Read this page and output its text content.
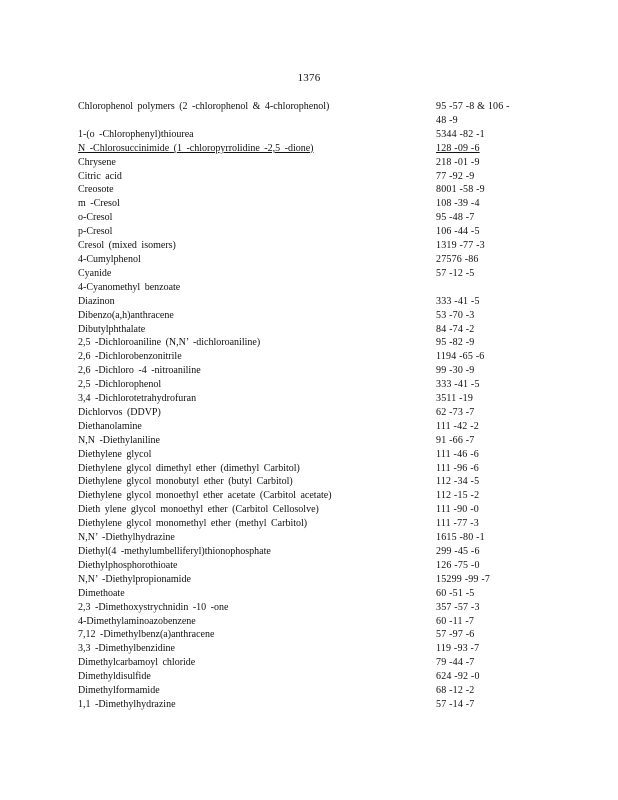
1376
Chlorophenol polymers (2 -chlorophenol & 4-chlorophenol)	95 -57 -8 & 106 -
48 -9
1-(o -Chlorophenyl)thiourea	5344 -82 -1
N -Chlorosuccinimide (1 -chloropyrrolidine -2,5 -dione)	128 -09 -6
Chrysene	218 -01 -9
Citric acid	77 -92 -9
Creosote	8001 -58 -9
m -Cresol	108 -39 -4
o-Cresol	95 -48 -7
p-Cresol	106 -44 -5
Cresol (mixed isomers)	1319 -77 -3
4-Cumylphenol	27576 -86
Cyanide	57 -12 -5
4-Cyanomethyl benzoate
Diazinon	333 -41 -5
Dibenzo(a,h)anthracene	53 -70 -3
Dibutylphthalate	84 -74 -2
2,5 -Dichloroaniline (N,N’ -dichloroaniline)	95 -82 -9
2,6 -Dichlorobenzonitrile	1194 -65 -6
2,6 -Dichloro -4 -nitroaniline	99 -30 -9
2,5 -Dichlorophenol	333 -41 -5
3,4 -Dichlorotetrahydrofuran	3511 -19
Dichlorvos (DDVP)	62 -73 -7
Diethanolamine	111 -42 -2
N,N -Diethylaniline	91 -66 -7
Diethylene glycol	111 -46 -6
Diethylene glycol dimethyl ether (dimethyl Carbitol)	111 -96 -6
Diethylene glycol monobutyl ether (butyl Carbitol)	112 -34 -5
Diethylene glycol monoethyl ether acetate (Carbitol acetate)	112 -15 -2
Dieth ylene glycol monoethyl ether (Carbitol Cellosolve)	111 -90 -0
Diethylene glycol monomethyl ether (methyl Carbitol)	111 -77 -3
N,N’ -Diethylhydrazine	1615 -80 -1
Diethyl(4 -methylumbelliferyl)thionophosphate	299 -45 -6
Diethylphosphorothioate	126 -75 -0
N,N’ -Diethylpropionamide	15299 -99 -7
Dimethoate	60 -51 -5
2,3 -Dimethoxystrychnidin -10 -one	357 -57 -3
4-Dimethylaminoazobenzene	60 -11 -7
7,12 -Dimethylbenz(a)anthracene	57 -97 -6
3,3 -Dimethylbenzidine	119 -93 -7
Dimethylcarbamoyl chloride	79 -44 -7
Dimethyldisulfide	624 -92 -0
Dimethylformamide	68 -12 -2
1,1 -Dimethylhydrazine	57 -14 -7
